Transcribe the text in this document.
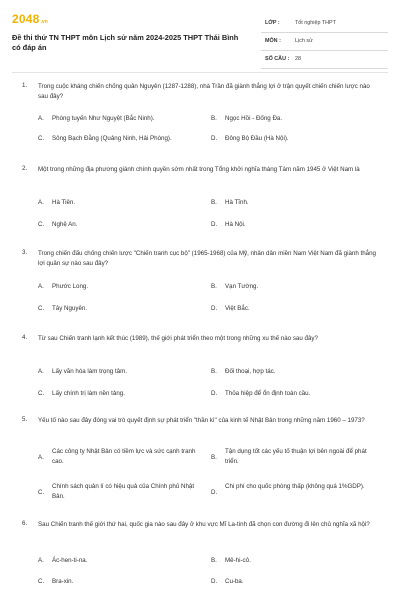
2048 .vn
Đề thi thử TN THPT môn Lịch sử năm 2024-2025 THPT Thái Bình có đáp án
LỚP :	Tốt nghiệp THPT
MÔN :	Lịch sử
SỐ CÂU : 28
1. Trong cuộc kháng chiến chống quân Nguyên (1287-1288), nhà Trần đã giành thắng lợi ở trận quyết chiến chiến lược nào sau đây?
A. Phòng tuyến Như Nguyệt (Bắc Ninh).	B. Ngọc Hồi - Đống Đa.
C. Sông Bạch Đằng (Quảng Ninh, Hải Phòng).	D. Đông Bộ Đầu (Hà Nội).
2. Một trong những địa phương giành chính quyền sớm nhất trong Tổng khởi nghĩa tháng Tám năm 1945 ở Việt Nam là
A. Hà Tiên.	B. Hà Tĩnh.
C. Nghệ An.	D. Hà Nội.
3. Trong chiến đấu chống chiến lược "Chiến tranh cục bộ" (1965-1968) của Mỹ, nhân dân miền Nam Việt Nam đã giành thắng lợi quân sự nào sau đây?
A. Phước Long.	B. Vạn Tường.
C. Tây Nguyên.	D. Việt Bắc.
4. Từ sau Chiến tranh lạnh kết thúc (1989), thế giới phát triển theo một trong những xu thế nào sau đây?
A. Lấy văn hóa làm trọng tâm.	B. Đối thoại, hợp tác.
C. Lấy chính trị làm nền tảng.	D. Thỏa hiệp để ổn định toàn cầu.
5. Yếu tố nào sau đây đóng vai trò quyết định sự phát triển "thần kì" của kinh tế Nhật Bản trong những năm 1960 – 1973?
A.
Các công ty Nhật Bản có tiềm lực và sức cạnh tranh cao.
B.
Tận dụng tốt các yếu tố thuận lợi bên ngoài để phát triển.
C.
Chính sách quản lí có hiệu quả của Chính phủ Nhật Bản.
D.
Chi phí cho quốc phòng thấp (không quá 1%GDP).
6. Sau Chiến tranh thế giới thứ hai, quốc gia nào sau đây ở khu vực Mĩ La-tinh đã chọn con đường đi lên chủ nghĩa xã hội?
A. Ác-hen-ti-na.	B. Mê-hi-cô.
C. Bra-xin.	D. Cu-ba.
